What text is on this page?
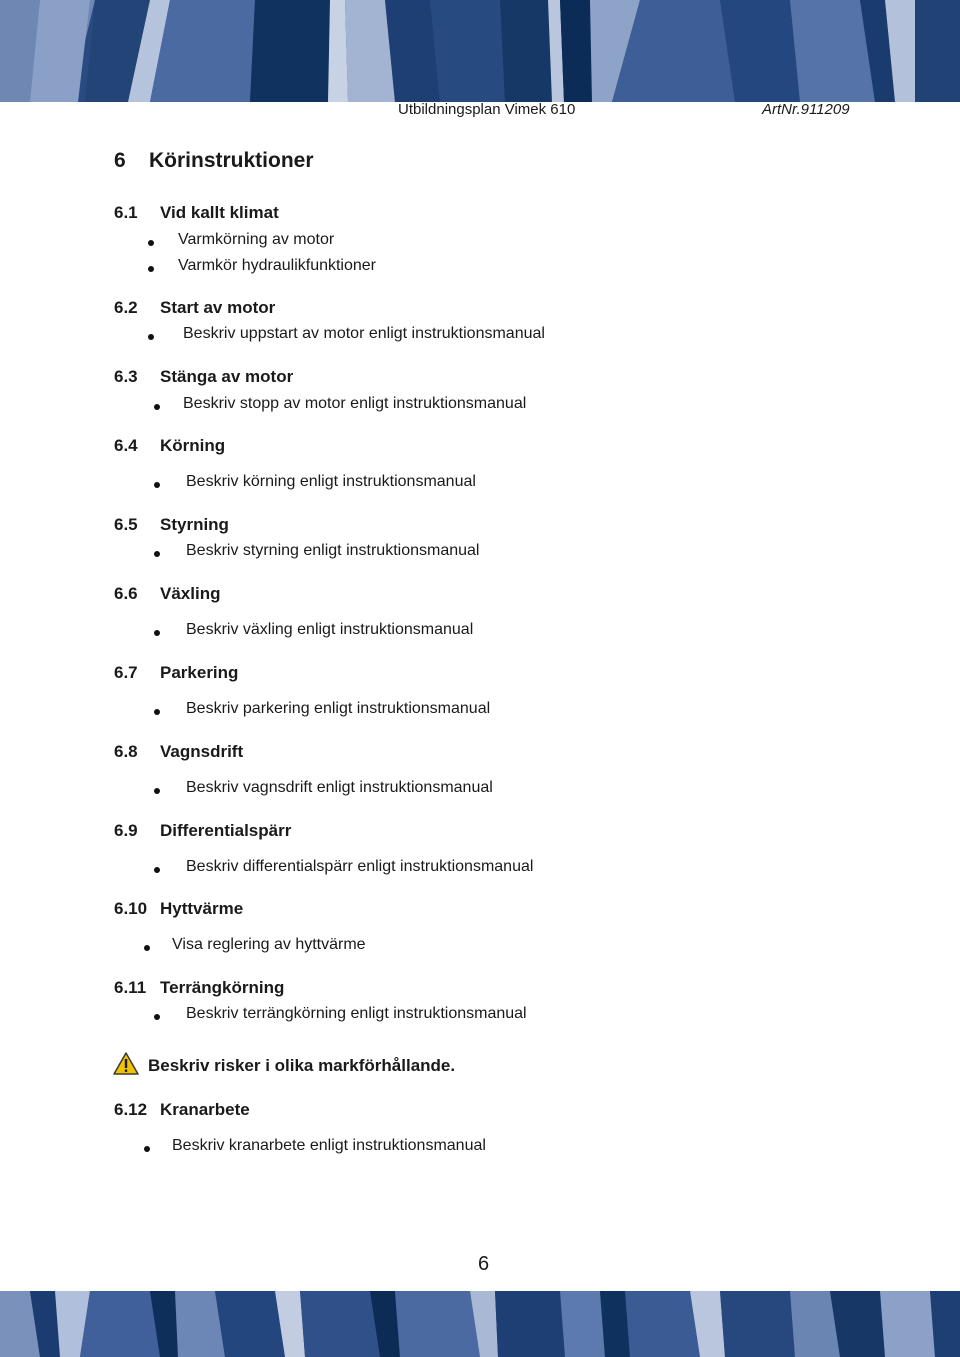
Utbildningsplan Vimek 610	ArtNr.911209
6 Körinstruktioner
6.1 Vid kallt klimat
Varmkörning av motor
Varmkör hydraulikfunktioner
6.2 Start av motor
Beskriv uppstart av motor enligt instruktionsmanual
6.3 Stänga av motor
Beskriv stopp av motor enligt instruktionsmanual
6.4 Körning
Beskriv körning enligt instruktionsmanual
6.5 Styrning
Beskriv styrning enligt instruktionsmanual
6.6 Växling
Beskriv växling enligt instruktionsmanual
6.7 Parkering
Beskriv parkering enligt instruktionsmanual
6.8 Vagnsdrift
Beskriv vagnsdrift enligt instruktionsmanual
6.9 Differentialspärr
Beskriv differentialspärr enligt instruktionsmanual
6.10 Hyttvärme
Visa reglering av hyttvärme
6.11 Terrängkörning
Beskriv terrängkörning enligt instruktionsmanual
Beskriv risker i olika markförhållande.
6.12 Kranarbete
Beskriv kranarbete enligt instruktionsmanual
6
